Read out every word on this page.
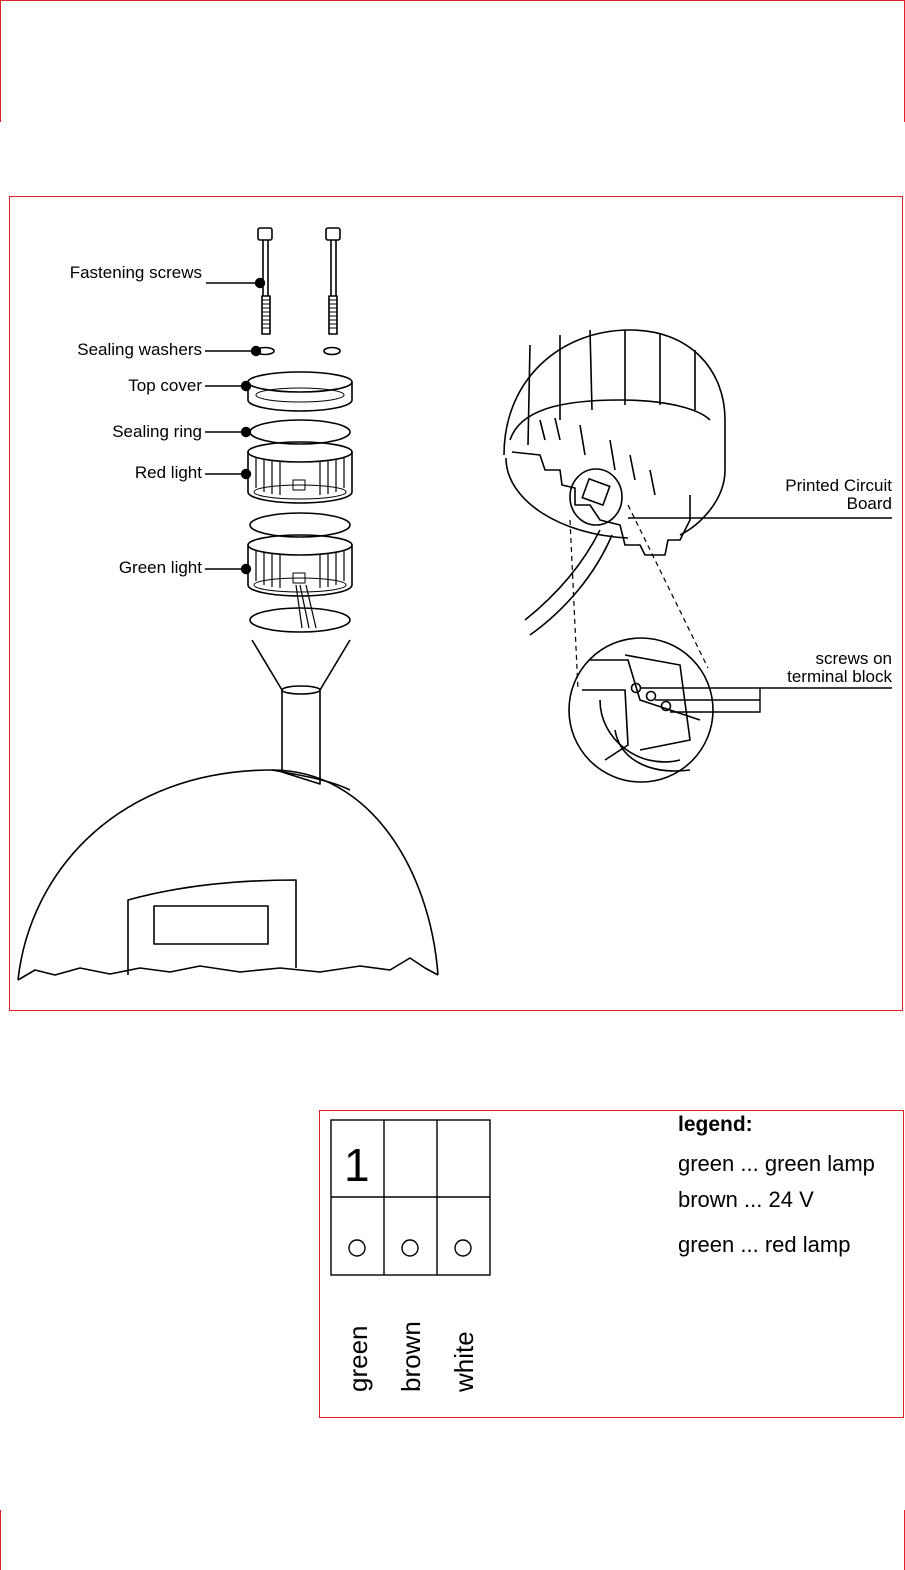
Fastening screws
Sealing washers
Top cover
Sealing ring
Red light
Green light
Printed Circuit
Board
screws on
terminal block
1
green brown white
legend:
green ... green lamp
brown ... 24 V
green ... red lamp
